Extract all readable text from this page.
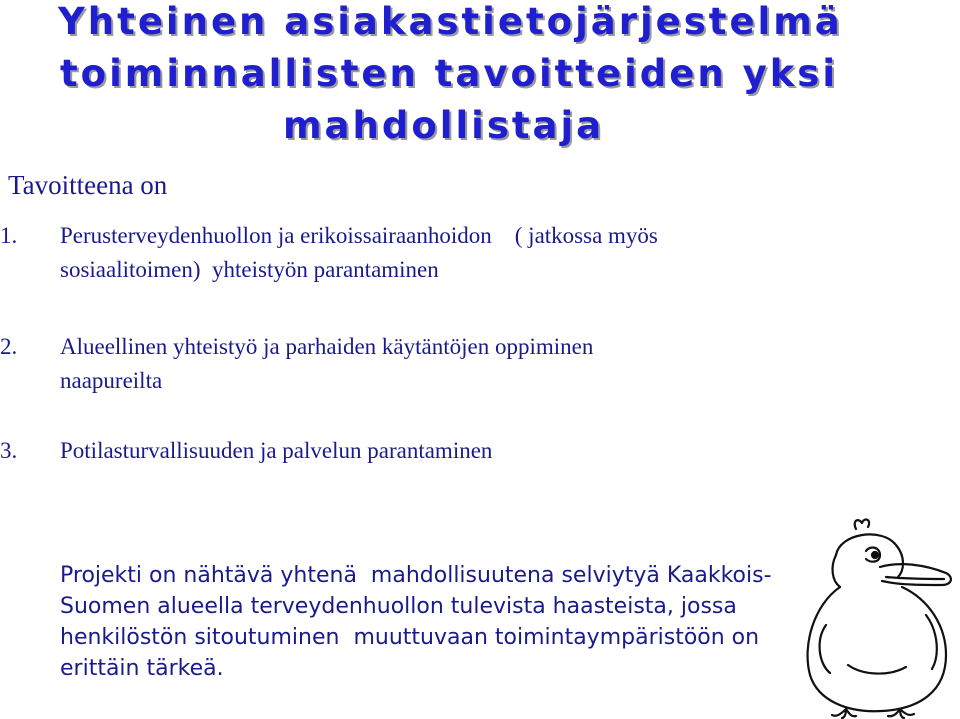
Yhteinen asiakastietojärjestelmä
toiminnallisten tavoitteiden yksi
mahdollistaja
Tavoitteena on
1. Perusterveydenhuollon ja erikoissairaanhoidon    ( jatkossa myös
sosiaalitoimen)  yhteistyön parantaminen
2. Alueellinen yhteistyö ja parhaiden käytäntöjen oppiminen
naapureilta
3. Potilasturvallisuuden ja palvelun parantaminen
Projekti on nähtävä yhtenä  mahdollisuutena selviytyä Kaakkois-
Suomen alueella terveydenhuollon tulevista haasteista, jossa
henkilöstön sitoutuminen  muuttuvaan toimintaympäristöön on
erittäin tärkeä.
